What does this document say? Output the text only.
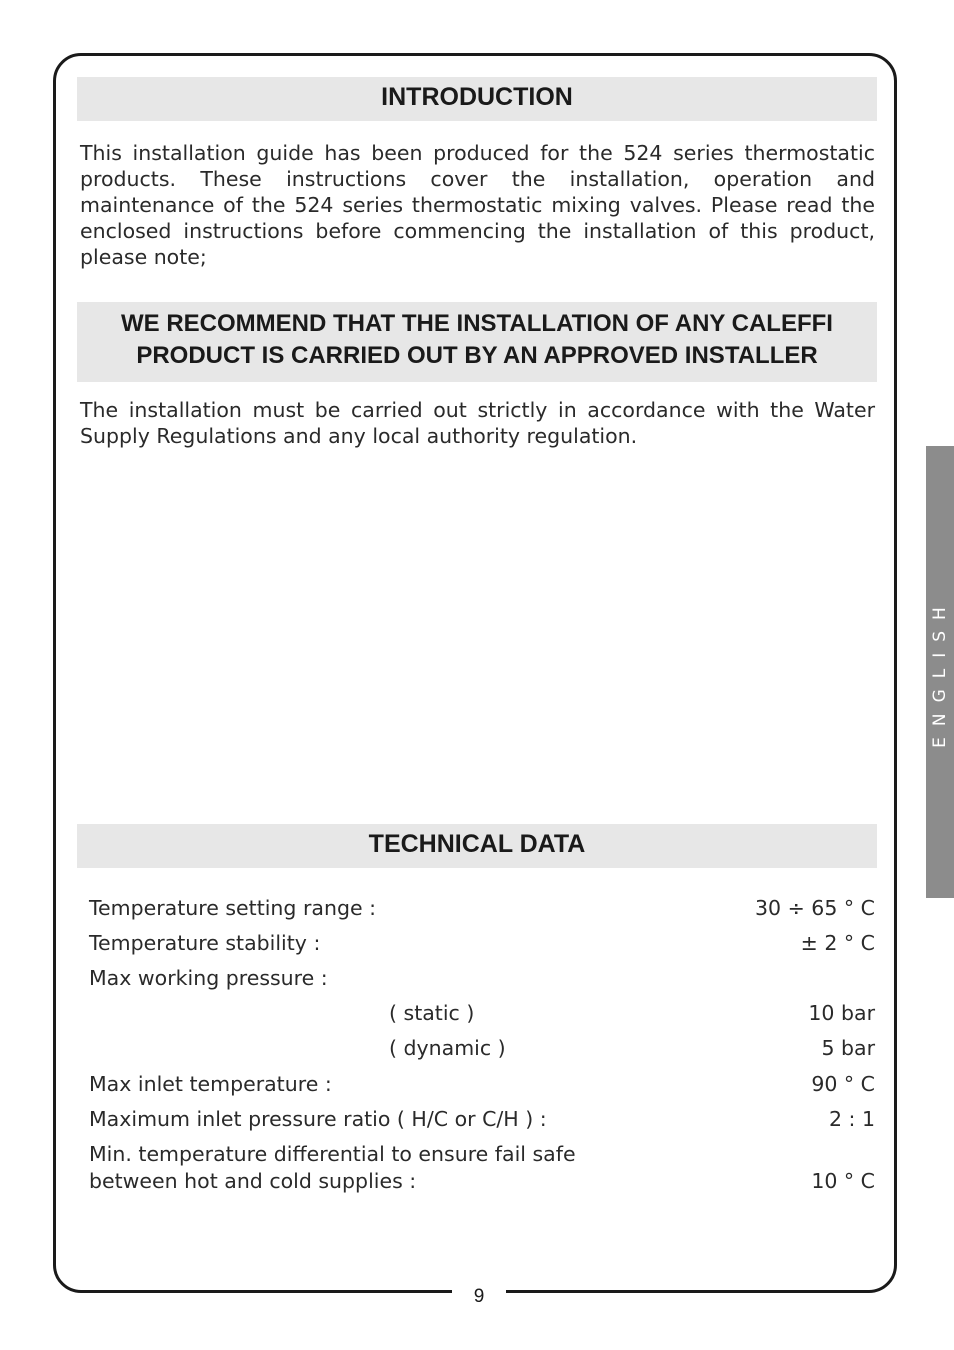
9
INTRODUCTION
This installation guide has been produced for the 524 series thermostatic products. These instructions cover the installation, operation and maintenance of the 524 series thermostatic mixing valves. Please read the enclosed instructions before commencing the installation of this product, please note;
WE RECOMMEND THAT THE INSTALLATION OF ANY CALEFFI
PRODUCT IS CARRIED OUT BY AN APPROVED INSTALLER
The installation must be carried out strictly in accordance with the Water Supply Regulations and any local authority regulation.
TECHNICAL DATA
Temperature setting range :	30 ÷ 65 ° C
Temperature stability :	± 2 ° C
Max working pressure :
( static )	10 bar
( dynamic )	5 bar
Max inlet temperature :	90 ° C
Maximum inlet pressure ratio ( H/C or C/H ) :	2 : 1
Min. temperature differential to ensure fail safe
between hot and cold supplies :	10 ° C
ENGLISH
